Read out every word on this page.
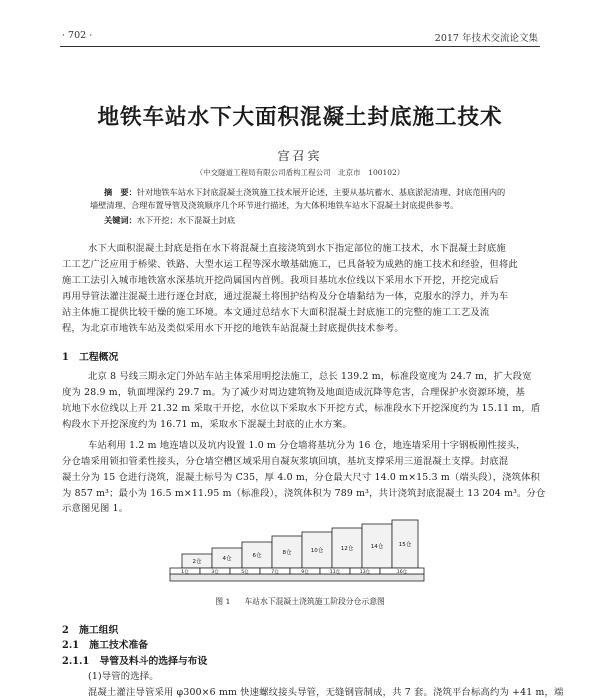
· 702 ·	2017 年技术交流论文集
地铁车站水下大面积混凝土封底施工技术
宫召宾
（中交隧道工程局有限公司盾构工程公司　北京市　100102）
摘　要：针对地铁车站水下封底混凝土浇筑施工技术展开论述，主要从基坑蓄水、基底淤泥清理、封底范围内的
墙壁清理、合理布置导管及浇筑顺序几个环节进行描述，为大体积地铁车站水下混凝土封底提供参考。
关键词：水下开挖；水下混凝土封底
水下大面积混凝土封底是指在水下将混凝土直接浇筑到水下指定部位的施工技术，水下混凝土封底施
工工艺广泛应用于桥梁、铁路、大型水运工程等深水墩基础施工，已具备较为成熟的施工技术和经验，但将此
施工工法引入城市地铁富水深基坑开挖尚属国内首例。我项目基坑水位线以下采用水下开挖，开挖完成后
再用导管法灌注混凝土进行逐仓封底，通过混凝土将围护结构及分仓墙黏结为一体，克服水的浮力，并为车
站主体施工提供比较干燥的施工环境。本文通过总结水下大面积混凝土封底施工的完整的施工工艺及流
程，为北京市地铁车站及类似采用水下开挖的地铁车站混凝土封底提供技术参考。
1 工程概况
北京 8 号线三期永定门外站车站主体采用明挖法施工，总长 139.2 m，标准段宽度为 24.7 m，扩大段宽
度为 28.9 m，轨面埋深约 29.7 m。为了减少对周边建筑物及地面造成沉降等危害，合理保护水资源环境，基
坑地下水位线以上开 21.32 m 采取干开挖，水位以下采取水下开挖方式，标准段水下开挖深度约为 15.11 m，盾
构段水下开挖深度约为 16.71 m，采取水下混凝土封底的止水方案。
车站利用 1.2 m 地连墙以及坑内设置 1.0 m 分仓墙将基坑分为 16 仓，地连墙采用十字钢板刚性接头，
分仓墙采用锁扣管柔性接头，分仓墙空槽区域采用自凝灰浆填回填，基坑支撑采用三道混凝土支撑。封底混
凝土分为 15 仓进行浇筑，混凝土标号为 C35，厚 4.0 m，分仓最大尺寸 14.0 m×15.3 m（端头段），浇筑体积
为 857 m³；最小为 16.5 m×11.95 m（标准段），浇筑体积为 789 m³，共计浇筑封底混凝土 13 204 m³。分仓
示意图见图 1。
2仓	4仓	6仓	8仓	10仓	12仓	14仓	15仓
1仓	3仓	5仓	7仓	9仓	11仓	13仓	16仓
图 1 车站水下混凝土浇筑施工阶段分仓示意图
2 施工组织
2.1 施工技术准备
2.1.1 导管及料斗的选择与布设
(1)导管的选择。
混凝土灌注导管采用 φ300×6 mm 快速螺纹接头导管，无缝钢管制成，共 7 套。浇筑平台标高约为 +41 m，端
